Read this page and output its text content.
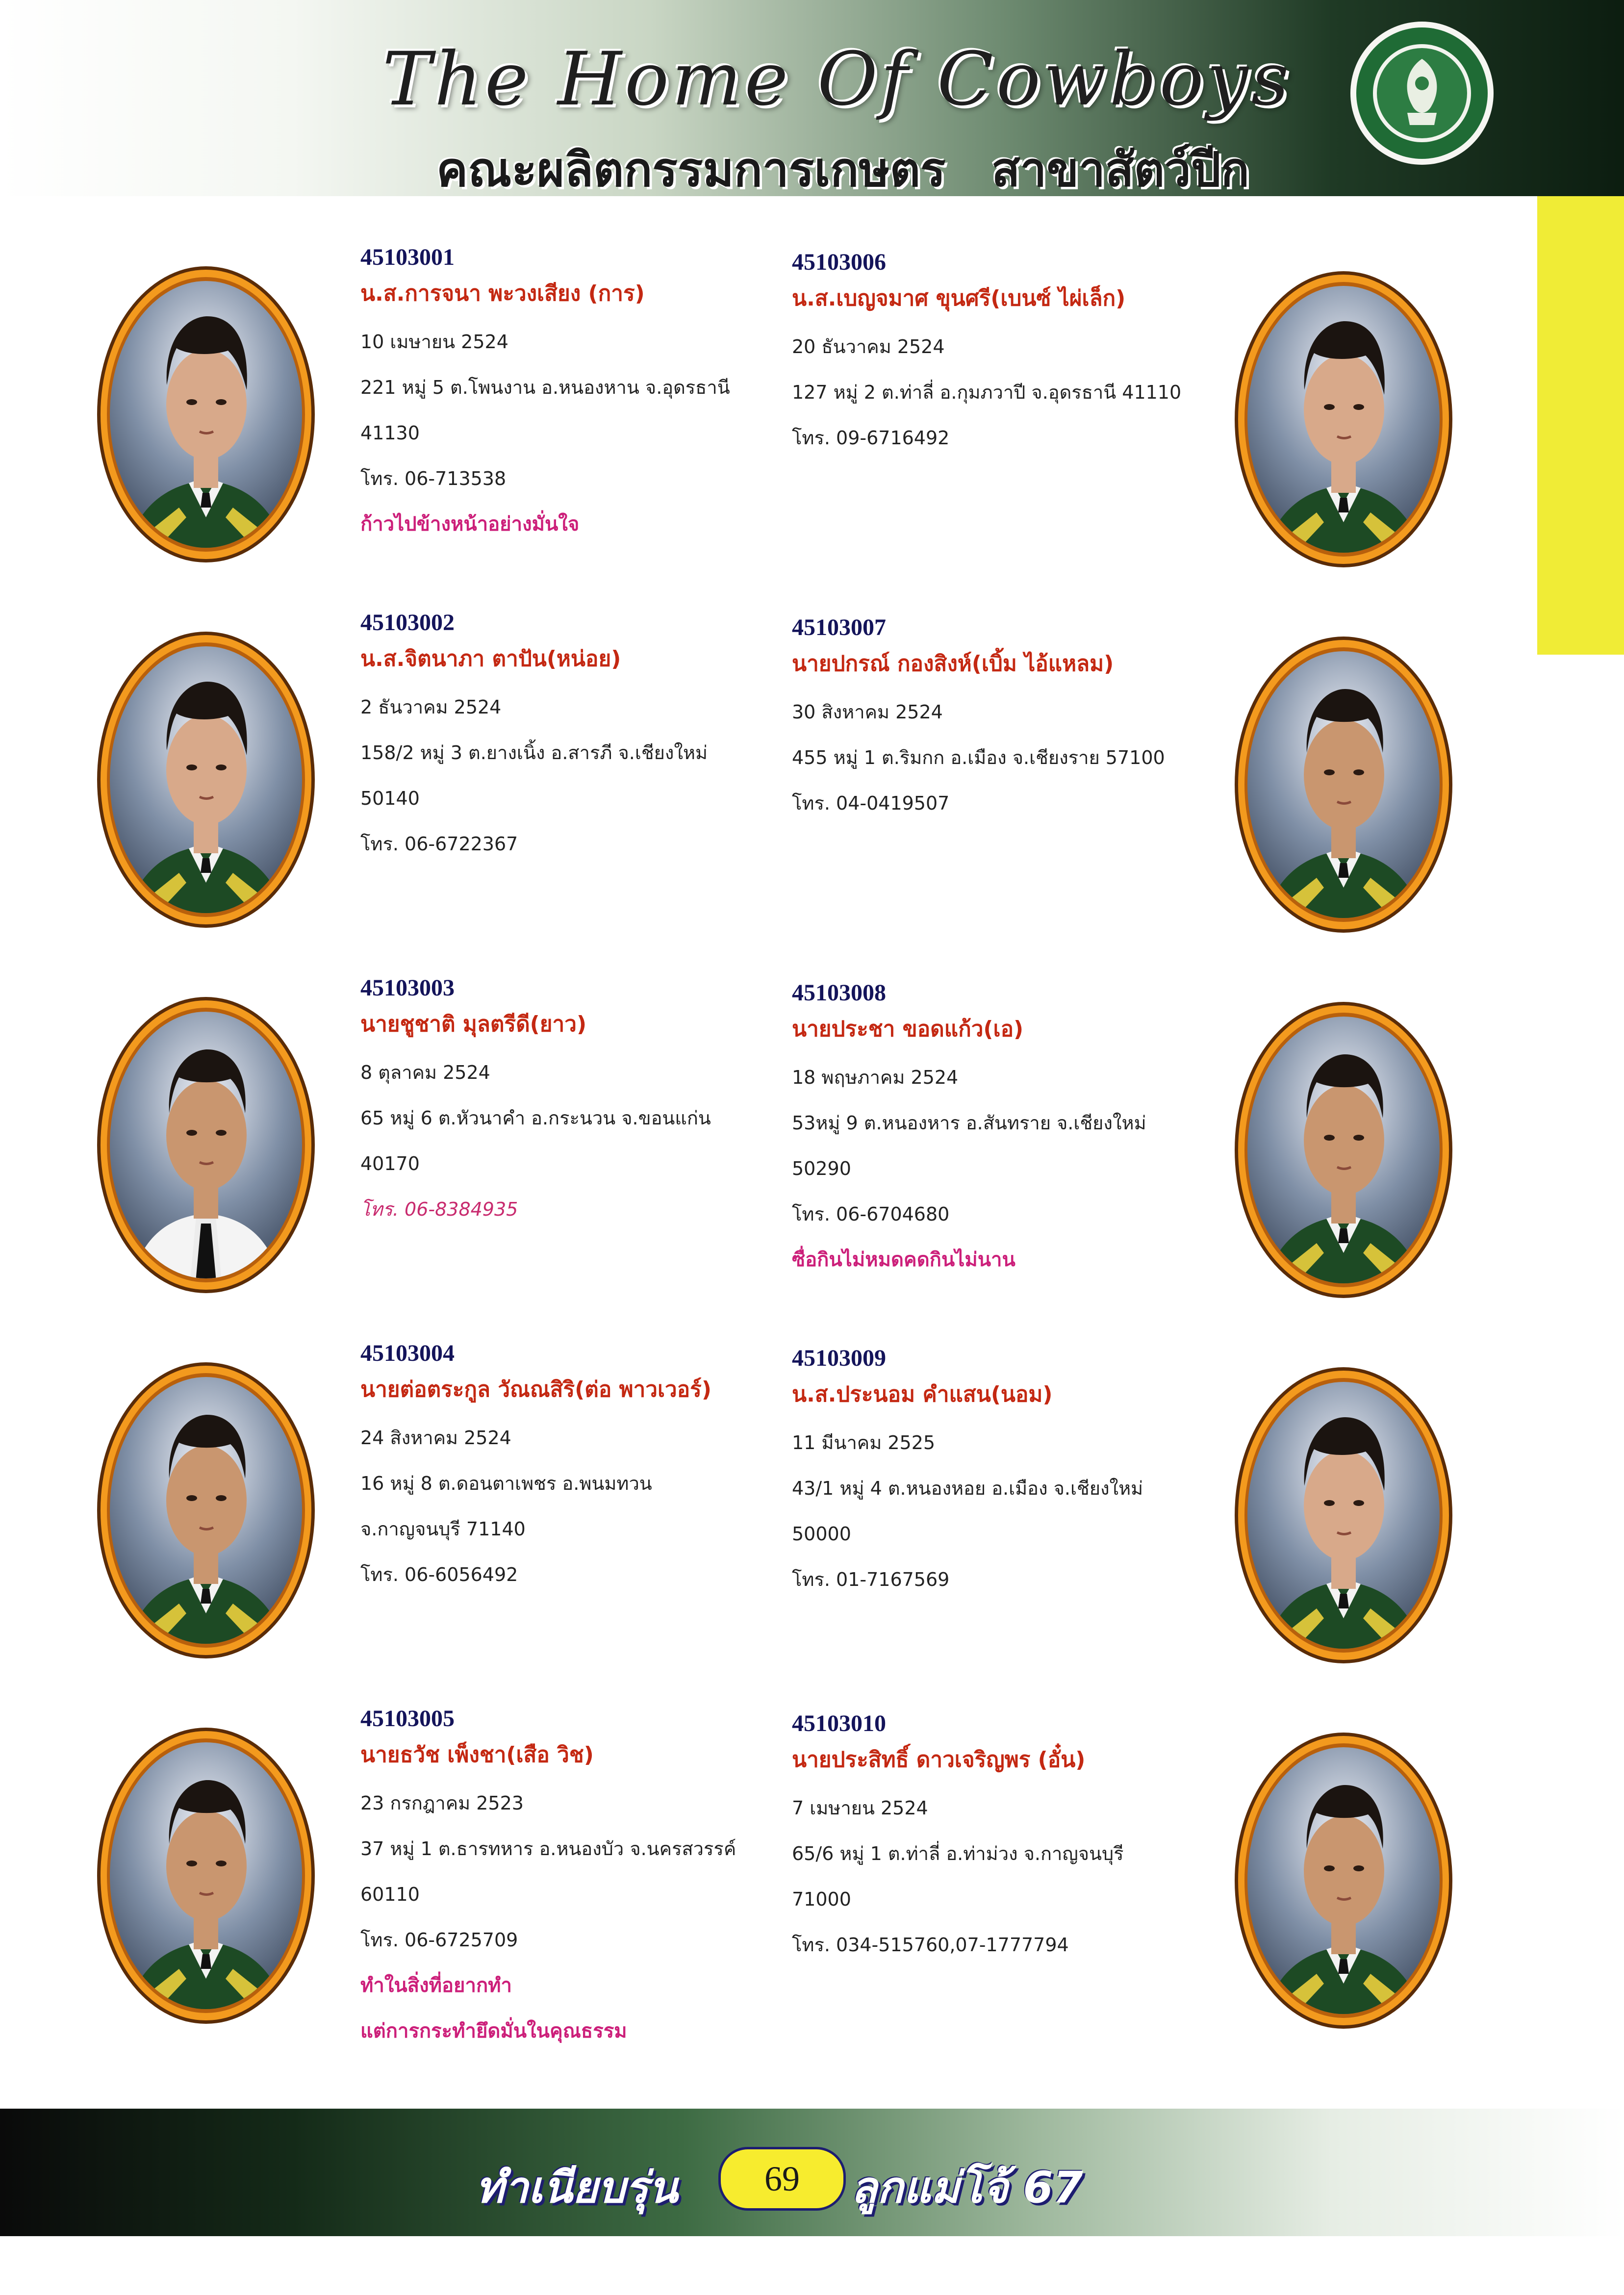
The Home Of Cowboys
คณะผลิตกรรมการเกษตร สาขาสัตว์ปีก
45103001
น.ส.การจนา พะวงเสียง (การ)
10 เมษายน 2524
221 หมู่ 5 ต.โพนงาน อ.หนองหาน จ.อุดรธานี
41130
โทร. 06-713538
ก้าวไปข้างหน้าอย่างมั่นใจ
45103002
น.ส.จิตนาภา ตาปัน(หน่อย)
2 ธันวาคม 2524
158/2 หมู่ 3 ต.ยางเนิ้ง อ.สารภี จ.เชียงใหม่
50140
โทร. 06-6722367
45103003
นายชูชาติ มุลตรีดี(ยาว)
8 ตุลาคม 2524
65 หมู่ 6 ต.หัวนาคำ อ.กระนวน จ.ขอนแก่น
40170
โทร. 06-8384935
45103004
นายต่อตระกูล วัณณสิริ(ต่อ พาวเวอร์)
24 สิงหาคม 2524
16 หมู่ 8 ต.ดอนตาเพชร อ.พนมทวน
จ.กาญจนบุรี 71140
โทร. 06-6056492
45103005
นายธวัช เพ็งชา(เสือ วิช)
23 กรกฎาคม 2523
37 หมู่ 1 ต.ธารทหาร อ.หนองบัว จ.นครสวรรค์
60110
โทร. 06-6725709
ทำในสิ่งที่อยากทำ
แต่การกระทำยึดมั่นในคุณธรรม
45103006
น.ส.เบญจมาศ ขุนศรี(เบนซ์ ไผ่เล็ก)
20 ธันวาคม 2524
127 หมู่ 2 ต.ท่าลี่ อ.กุมภวาปี จ.อุดรธานี 41110
โทร. 09-6716492
45103007
นายปกรณ์ กองสิงห์(เบิ้ม ไอ้แหลม)
30 สิงหาคม 2524
455 หมู่ 1 ต.ริมกก อ.เมือง จ.เชียงราย 57100
โทร. 04-0419507
45103008
นายประชา ขอดแก้ว(เอ)
18 พฤษภาคม 2524
53หมู่ 9 ต.หนองหาร อ.สันทราย จ.เชียงใหม่
50290
โทร. 06-6704680
ซื่อกินไม่หมดคดกินไม่นาน
45103009
น.ส.ประนอม คำแสน(นอม)
11 มีนาคม 2525
43/1 หมู่ 4 ต.หนองหอย อ.เมือง จ.เชียงใหม่
50000
โทร. 01-7167569
45103010
นายประสิทธิ์ ดาวเจริญพร (อั๋น)
7 เมษายน 2524
65/6 หมู่ 1 ต.ท่าลี่ อ.ท่าม่วง จ.กาญจนบุรี
71000
โทร. 034-515760,07-1777794
ทำเนียบรุ่น	69	ลูกแม่โจ้ 67
